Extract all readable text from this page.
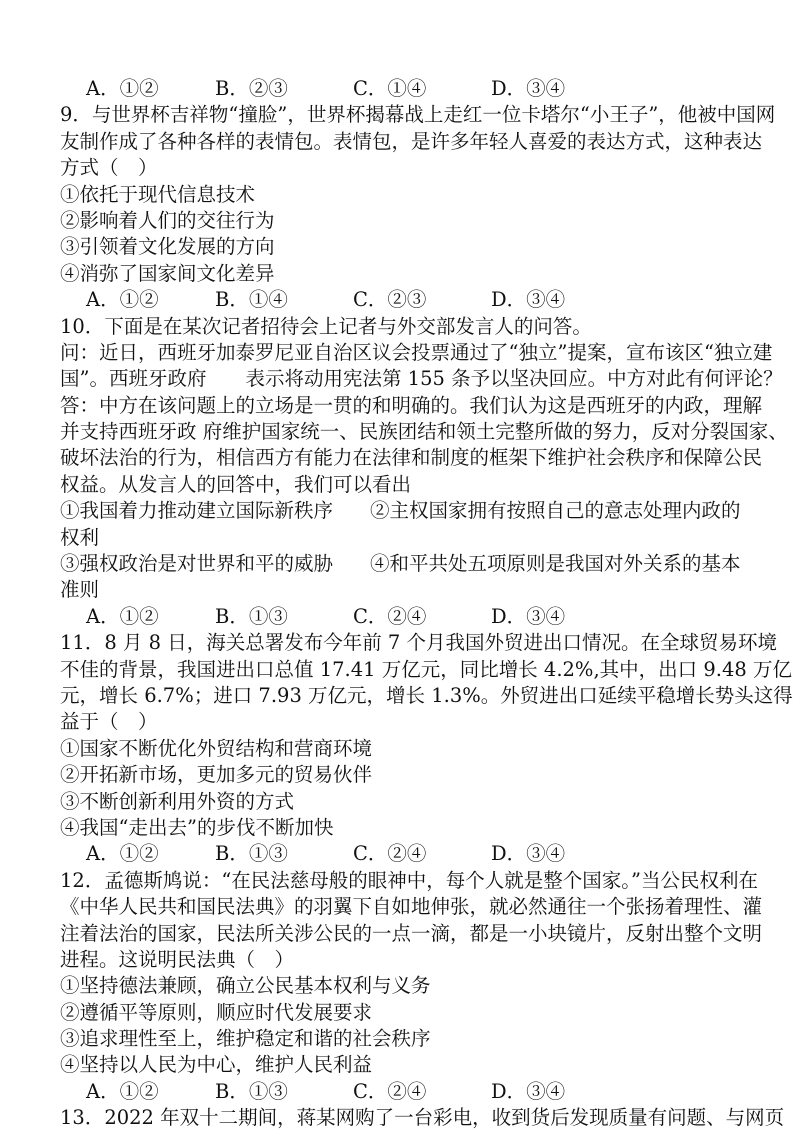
A．①②	B．②③	C．①④	D．③④
9．与世界杯吉祥物“撞脸”，世界杯揭幕战上走红一位卡塔尔“小王子”，他被中国网
友制作成了各种各样的表情包。表情包，是许多年轻人喜爱的表达方式，这种表达
方式（　）
①依托于现代信息技术
②影响着人们的交往行为
③引领着文化发展的方向
④消弥了国家间文化差异
A．①②	B．①④	C．②③	D．③④
10．下面是在某次记者招待会上记者与外交部发言人的问答。
问：近日，西班牙加泰罗尼亚自治区议会投票通过了“独立”提案，宣布该区“独立建
国”。西班牙政府　　表示将动用宪法第 155 条予以坚决回应。中方对此有何评论？
答：中方在该问题上的立场是一贯的和明确的。我们认为这是西班牙的内政，理解
并支持西班牙政 府维护国家统一、民族团结和领土完整所做的努力，反对分裂国家、
破坏法治的行为，相信西方有能力在法律和制度的框架下维护社会秩序和保障公民
权益。从发言人的回答中，我们可以看出
①我国着力推动建立国际新秩序	②主权国家拥有按照自己的意志处理内政的
权利
③强权政治是对世界和平的威胁	④和平共处五项原则是我国对外关系的基本
准则
A．①②	B．①③	C．②④	D．③④
11．8 月 8 日，海关总署发布今年前 7 个月我国外贸进出口情况。在全球贸易环境
不佳的背景，我国进出口总值 17.41 万亿元，同比增长 4.2%,其中，出口 9.48 万亿
元，增长 6.7%；进口 7.93 万亿元，增长 1.3%。外贸进出口延续平稳增长势头这得
益于（　）
①国家不断优化外贸结构和营商环境
②开拓新市场，更加多元的贸易伙伴
③不断创新利用外资的方式
④我国“走出去”的步伐不断加快
A．①②	B．①③	C．②④	D．③④
12．孟德斯鸠说：“在民法慈母般的眼神中，每个人就是整个国家。”当公民权利在
《中华人民共和国民法典》的羽翼下自如地伸张，就必然通往一个张扬着理性、灌
注着法治的国家，民法所关涉公民的一点一滴，都是一小块镜片，反射出整个文明
进程。这说明民法典（　）
①坚持德法兼顾，确立公民基本权利与义务
②遵循平等原则，顺应时代发展要求
③追求理性至上，维护稳定和谐的社会秩序
④坚持以人民为中心，维护人民利益
A．①②	B．①③	C．②④	D．③④
13．2022 年双十二期间，蒋某网购了一台彩电，收到货后发现质量有问题、与网页
